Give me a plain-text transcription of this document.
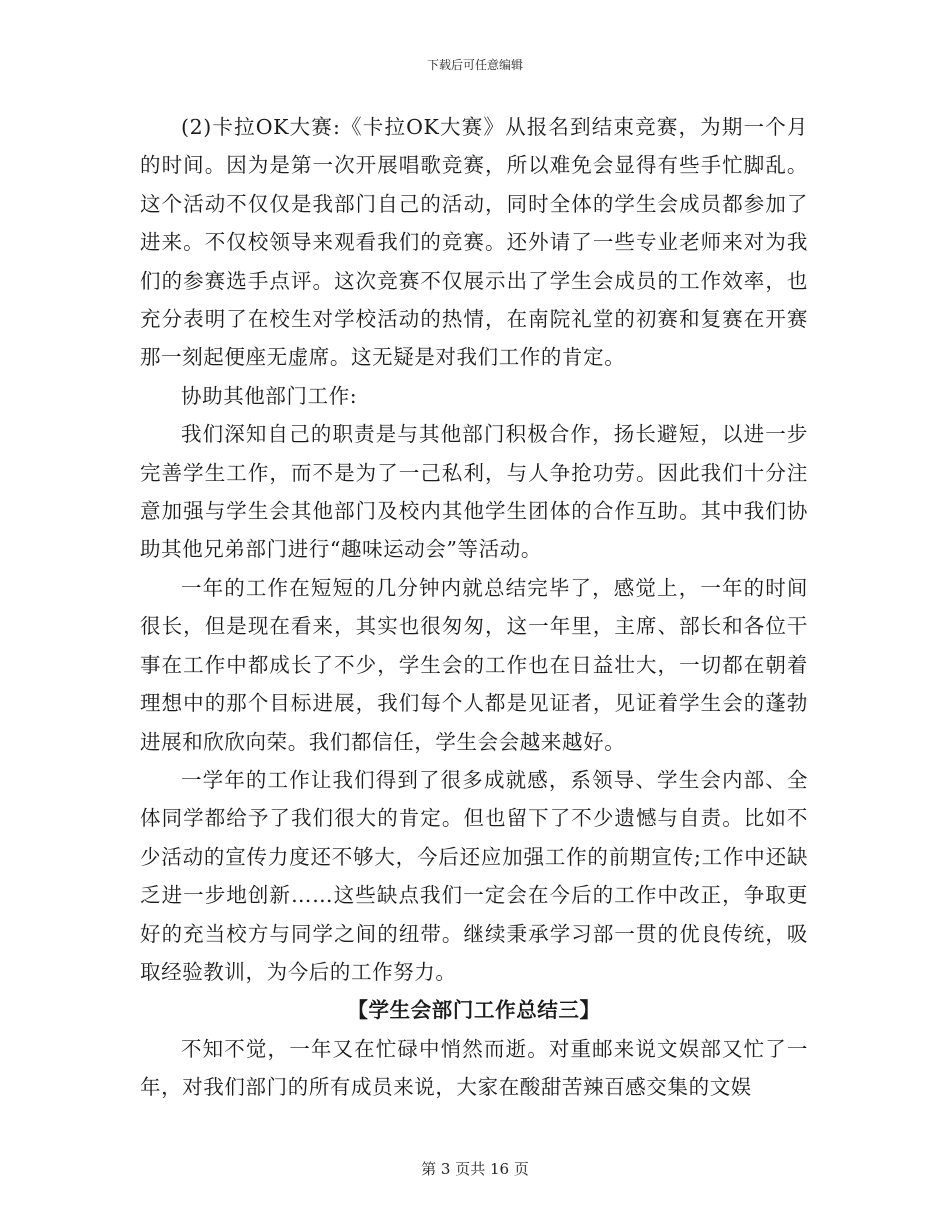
下载后可任意编辑

(2)卡拉OK大赛:《卡拉OK大赛》从报名到结束竞赛，为期一个月的时间。因为是第一次开展唱歌竞赛，所以难免会显得有些手忙脚乱。这个活动不仅仅是我部门自己的活动，同时全体的学生会成员都参加了进来。不仅校领导来观看我们的竞赛。还外请了一些专业老师来对为我们的参赛选手点评。这次竞赛不仅展示出了学生会成员的工作效率，也充分表明了在校生对学校活动的热情，在南院礼堂的初赛和复赛在开赛那一刻起便座无虚席。这无疑是对我们工作的肯定。

协助其他部门工作:

我们深知自己的职责是与其他部门积极合作，扬长避短，以进一步完善学生工作，而不是为了一己私利，与人争抢功劳。因此我们十分注意加强与学生会其他部门及校内其他学生团体的合作互助。其中我们协助其他兄弟部门进行“趣味运动会”等活动。

一年的工作在短短的几分钟内就总结完毕了，感觉上，一年的时间很长，但是现在看来，其实也很匆匆，这一年里，主席、部长和各位干事在工作中都成长了不少，学生会的工作也在日益壮大，一切都在朝着理想中的那个目标进展，我们每个人都是见证者，见证着学生会的蓬勃进展和欣欣向荣。我们都信任，学生会会越来越好。

一学年的工作让我们得到了很多成就感，系领导、学生会内部、全体同学都给予了我们很大的肯定。但也留下了不少遗憾与自责。比如不少活动的宣传力度还不够大，今后还应加强工作的前期宣传;工作中还缺乏进一步地创新……这些缺点我们一定会在今后的工作中改正，争取更好的充当校方与同学之间的纽带。继续秉承学习部一贯的优良传统，吸取经验教训，为今后的工作努力。

【学生会部门工作总结三】

不知不觉，一年又在忙碌中悄然而逝。对重邮来说文娱部又忙了一年，对我们部门的所有成员来说，大家在酸甜苦辣百感交集的文娱

第 3 页共 16 页
